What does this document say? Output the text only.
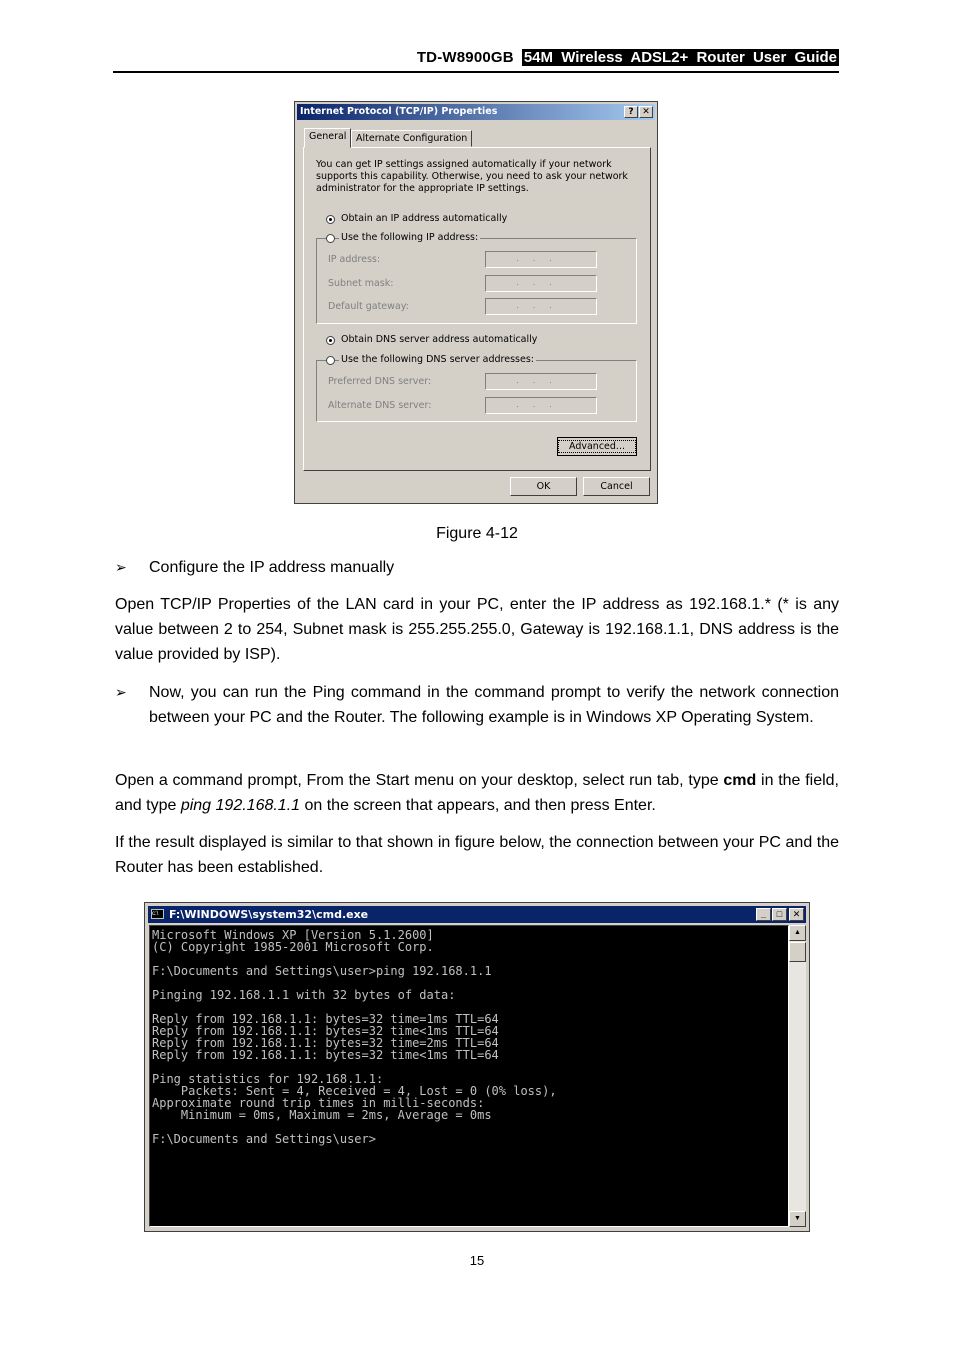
TD-W8900GB 54M Wireless ADSL2+ Router User Guide
Internet Protocol (TCP/IP) Properties	? ✕
General	Alternate Configuration
You can get IP settings assigned automatically if your network supports this capability. Otherwise, you need to ask your network administrator for the appropriate IP settings.
Obtain an IP address automatically
Use the following IP address:
IP address:	...
Subnet mask:	...
Default gateway:	...
Obtain DNS server address automatically
Use the following DNS server addresses:
Preferred DNS server:	...
Alternate DNS server:	...
Advanced...
OK	Cancel
Figure 4-12
➢ Configure the IP address manually
Open TCP/IP Properties of the LAN card in your PC, enter the IP address as 192.168.1.* (* is any value between 2 to 254, Subnet mask is 255.255.255.0, Gateway is 192.168.1.1, DNS address is the value provided by ISP).
➢ Now, you can run the Ping command in the command prompt to verify the network connection between your PC and the Router. The following example is in Windows XP Operating System.
Open a command prompt, From the Start menu on your desktop, select run tab, type cmd in the field, and type ping 192.168.1.1 on the screen that appears, and then press Enter.
If the result displayed is similar to that shown in figure below, the connection between your PC and the Router has been established.
c:\ F:\WINDOWS\system32\cmd.exe	_	□	✕
Microsoft Windows XP [Version 5.1.2600]
(C) Copyright 1985-2001 Microsoft Corp.

F:\Documents and Settings\user>ping 192.168.1.1

Pinging 192.168.1.1 with 32 bytes of data:

Reply from 192.168.1.1: bytes=32 time=1ms TTL=64
Reply from 192.168.1.1: bytes=32 time<1ms TTL=64
Reply from 192.168.1.1: bytes=32 time=2ms TTL=64
Reply from 192.168.1.1: bytes=32 time<1ms TTL=64

Ping statistics for 192.168.1.1:
Packets: Sent = 4, Received = 4, Lost = 0 (0% loss),
Approximate round trip times in milli-seconds:
Minimum = 0ms, Maximum = 2ms, Average = 0ms

F:\Documents and Settings\user>
▲
▼
15
